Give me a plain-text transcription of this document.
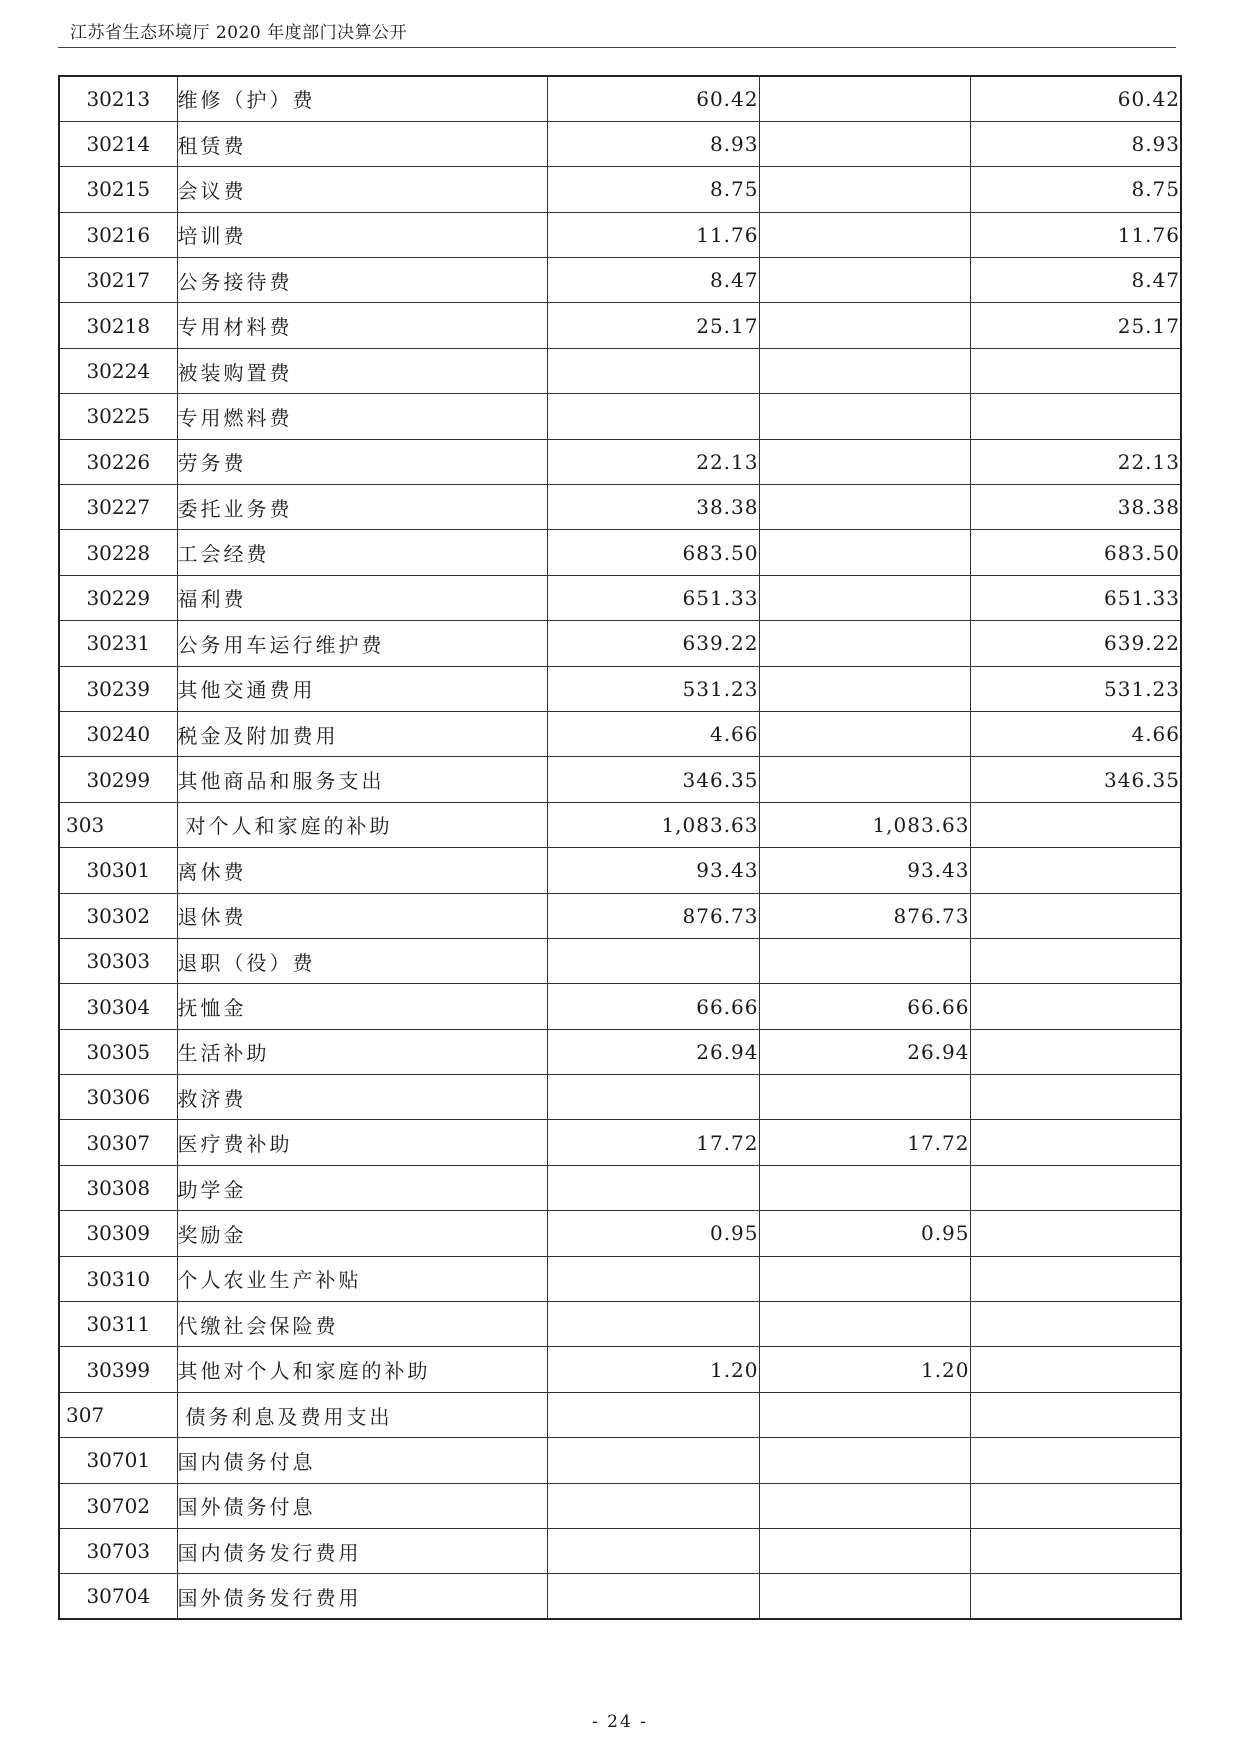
江苏省生态环境厅 2020 年度部门决算公开
30213	维修（护）费	60.42		60.42
30214	租赁费	8.93		8.93
30215	会议费	8.75		8.75
30216	培训费	11.76		11.76
30217	公务接待费	8.47		8.47
30218	专用材料费	25.17		25.17
30224	被装购置费			
30225	专用燃料费			
30226	劳务费	22.13		22.13
30227	委托业务费	38.38		38.38
30228	工会经费	683.50		683.50
30229	福利费	651.33		651.33
30231	公务用车运行维护费	639.22		639.22
30239	其他交通费用	531.23		531.23
30240	税金及附加费用	4.66		4.66
30299	其他商品和服务支出	346.35		346.35
303	对个人和家庭的补助	1,083.63	1,083.63	
30301	离休费	93.43	93.43	
30302	退休费	876.73	876.73	
30303	退职（役）费			
30304	抚恤金	66.66	66.66	
30305	生活补助	26.94	26.94	
30306	救济费			
30307	医疗费补助	17.72	17.72	
30308	助学金			
30309	奖励金	0.95	0.95	
30310	个人农业生产补贴			
30311	代缴社会保险费			
30399	其他对个人和家庭的补助	1.20	1.20	
307	债务利息及费用支出			
30701	国内债务付息			
30702	国外债务付息			
30703	国内债务发行费用			
30704	国外债务发行费用			
- 24 -
